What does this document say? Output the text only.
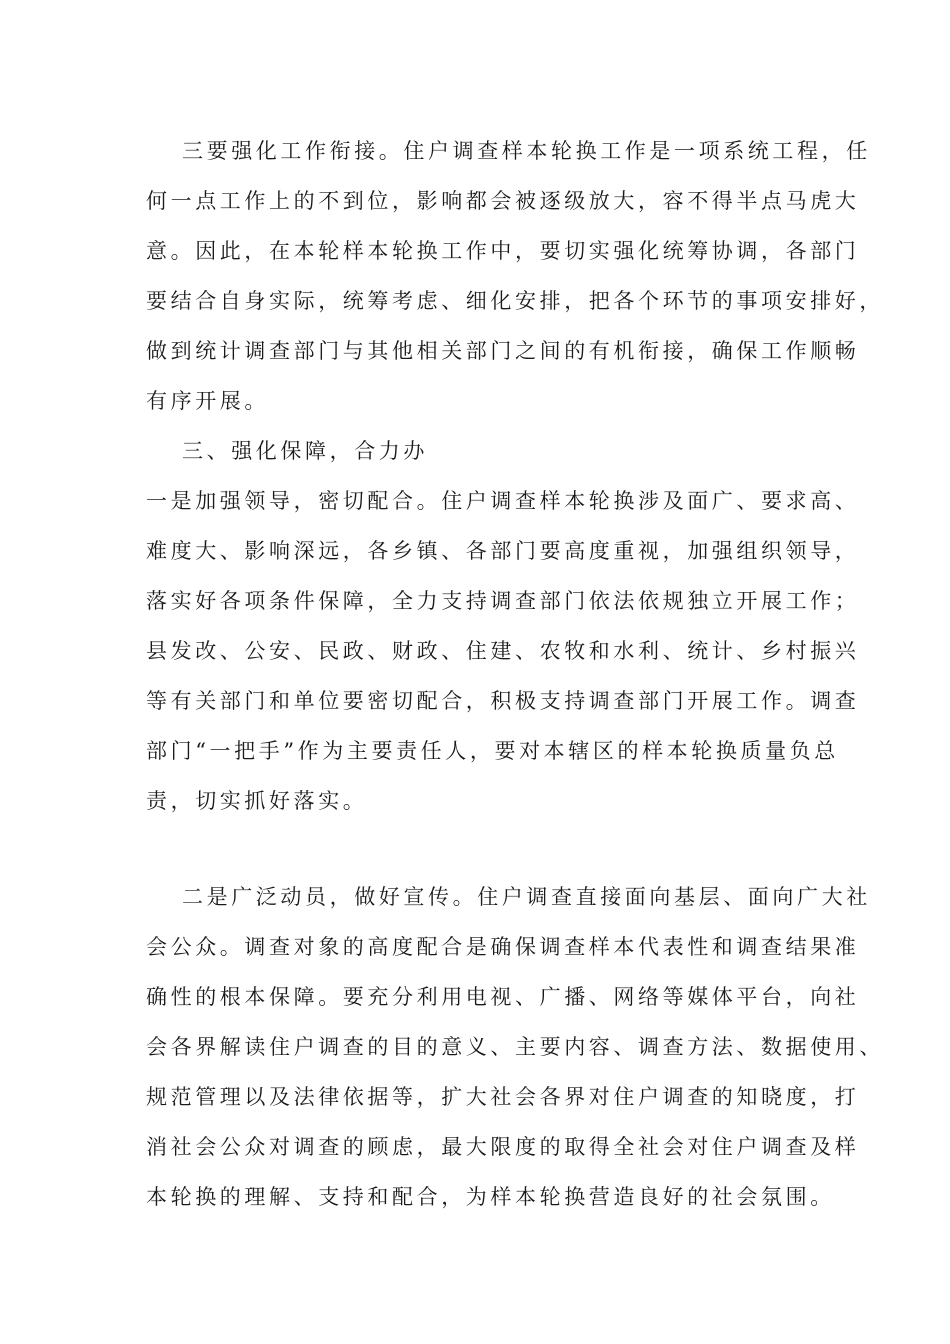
三要强化工作衔接。住户调查样本轮换工作是一项系统工程，任
何一点工作上的不到位，影响都会被逐级放大，容不得半点马虎大
意。因此，在本轮样本轮换工作中，要切实强化统筹协调，各部门
要结合自身实际，统筹考虑、细化安排，把各个环节的事项安排好，
做到统计调查部门与其他相关部门之间的有机衔接，确保工作顺畅
有序开展。
三、强化保障，合力办
一是加强领导，密切配合。住户调查样本轮换涉及面广、要求高、
难度大、影响深远，各乡镇、各部门要高度重视，加强组织领导，
落实好各项条件保障，全力支持调查部门依法依规独立开展工作；
县发改、公安、民政、财政、住建、农牧和水利、统计、乡村振兴
等有关部门和单位要密切配合，积极支持调查部门开展工作。调查
部门“一把手”作为主要责任人，要对本辖区的样本轮换质量负总
责，切实抓好落实。
二是广泛动员，做好宣传。住户调查直接面向基层、面向广大社
会公众。调查对象的高度配合是确保调查样本代表性和调查结果准
确性的根本保障。要充分利用电视、广播、网络等媒体平台，向社
会各界解读住户调查的目的意义、主要内容、调查方法、数据使用、
规范管理以及法律依据等，扩大社会各界对住户调查的知晓度，打
消社会公众对调查的顾虑，最大限度的取得全社会对住户调查及样
本轮换的理解、支持和配合，为样本轮换营造良好的社会氛围。
